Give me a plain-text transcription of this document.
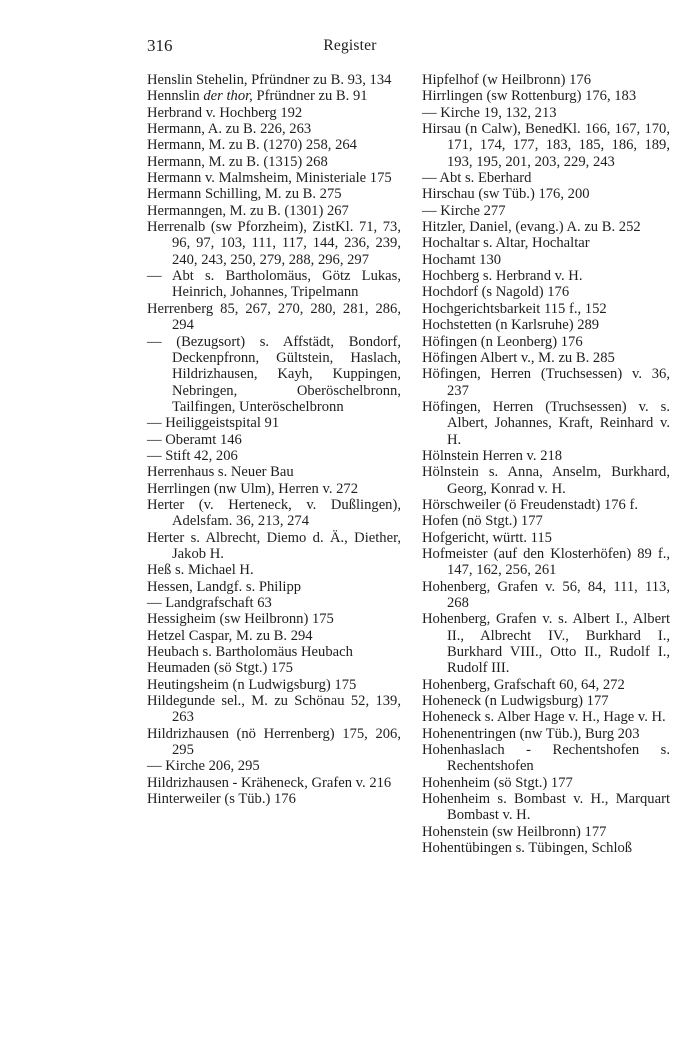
316	Register

Henslin Stehelin, Pfründner zu B. 93, 134

Hennslin der thor, Pfründner zu B. 91

Herbrand v. Hochberg 192

Hermann, A. zu B. 226, 263

Hermann, M. zu B. (1270) 258, 264

Hermann, M. zu B. (1315) 268

Hermann v. Malmsheim, Ministeriale 175

Hermann Schilling, M. zu B. 275

Hermanngen, M. zu B. (1301) 267

Herrenalb (sw Pforzheim), ZistKl. 71, 73, 96, 97, 103, 111, 117, 144, 236, 239, 240, 243, 250, 279, 288, 296, 297

— Abt s. Bartholomäus, Götz Lukas, Heinrich, Johannes, Tripelmann

Herrenberg 85, 267, 270, 280, 281, 286, 294

— (Bezugsort) s. Affstädt, Bondorf, Deckenpfronn, Gültstein, Haslach, Hildrizhausen, Kayh, Kuppingen, Nebringen, Oberöschelbronn, Tailfingen, Unteröschelbronn

— Heiliggeistspital 91

— Oberamt 146

— Stift 42, 206

Herrenhaus s. Neuer Bau

Herrlingen (nw Ulm), Herren v. 272

Herter (v. Herteneck, v. Dußlingen), Adelsfam. 36, 213, 274

Herter s. Albrecht, Diemo d. Ä., Diether, Jakob H.

Heß s. Michael H.

Hessen, Landgf. s. Philipp

— Landgrafschaft 63

Hessigheim (sw Heilbronn) 175

Hetzel Caspar, M. zu B. 294

Heubach s. Bartholomäus Heubach

Heumaden (sö Stgt.) 175

Heutingsheim (n Ludwigsburg) 175

Hildegunde sel., M. zu Schönau 52, 139, 263

Hildrizhausen (nö Herrenberg) 175, 206, 295

— Kirche 206, 295

Hildrizhausen - Kräheneck, Grafen v. 216

Hinterweiler (s Tüb.) 176

Hipfelhof (w Heilbronn) 176

Hirrlingen (sw Rottenburg) 176, 183

— Kirche 19, 132, 213

Hirsau (n Calw), BenedKl. 166, 167, 170, 171, 174, 177, 183, 185, 186, 189, 193, 195, 201, 203, 229, 243

— Abt s. Eberhard

Hirschau (sw Tüb.) 176, 200

— Kirche 277

Hitzler, Daniel, (evang.) A. zu B. 252

Hochaltar s. Altar, Hochaltar

Hochamt 130

Hochberg s. Herbrand v. H.

Hochdorf (s Nagold) 176

Hochgerichtsbarkeit 115 f., 152

Hochstetten (n Karlsruhe) 289

Höfingen (n Leonberg) 176

Höfingen Albert v., M. zu B. 285

Höfingen, Herren (Truchsessen) v. 36, 237

Höfingen, Herren (Truchsessen) v. s. Albert, Johannes, Kraft, Reinhard v. H.

Hölnstein Herren v. 218

Hölnstein s. Anna, Anselm, Burkhard, Georg, Konrad v. H.

Hörschweiler (ö Freudenstadt) 176 f.

Hofen (nö Stgt.) 177

Hofgericht, württ. 115

Hofmeister (auf den Klosterhöfen) 89 f., 147, 162, 256, 261

Hohenberg, Grafen v. 56, 84, 111, 113, 268

Hohenberg, Grafen v. s. Albert I., Albert II., Albrecht IV., Burkhard I., Burkhard VIII., Otto II., Rudolf I., Rudolf III.

Hohenberg, Grafschaft 60, 64, 272

Hoheneck (n Ludwigsburg) 177

Hoheneck s. Alber Hage v. H., Hage v. H.

Hohenentringen (nw Tüb.), Burg 203

Hohenhaslach - Rechentshofen s. Rechentshofen

Hohenheim (sö Stgt.) 177

Hohenheim s. Bombast v. H., Marquart Bombast v. H.

Hohenstein (sw Heilbronn) 177

Hohentübingen s. Tübingen, Schloß
